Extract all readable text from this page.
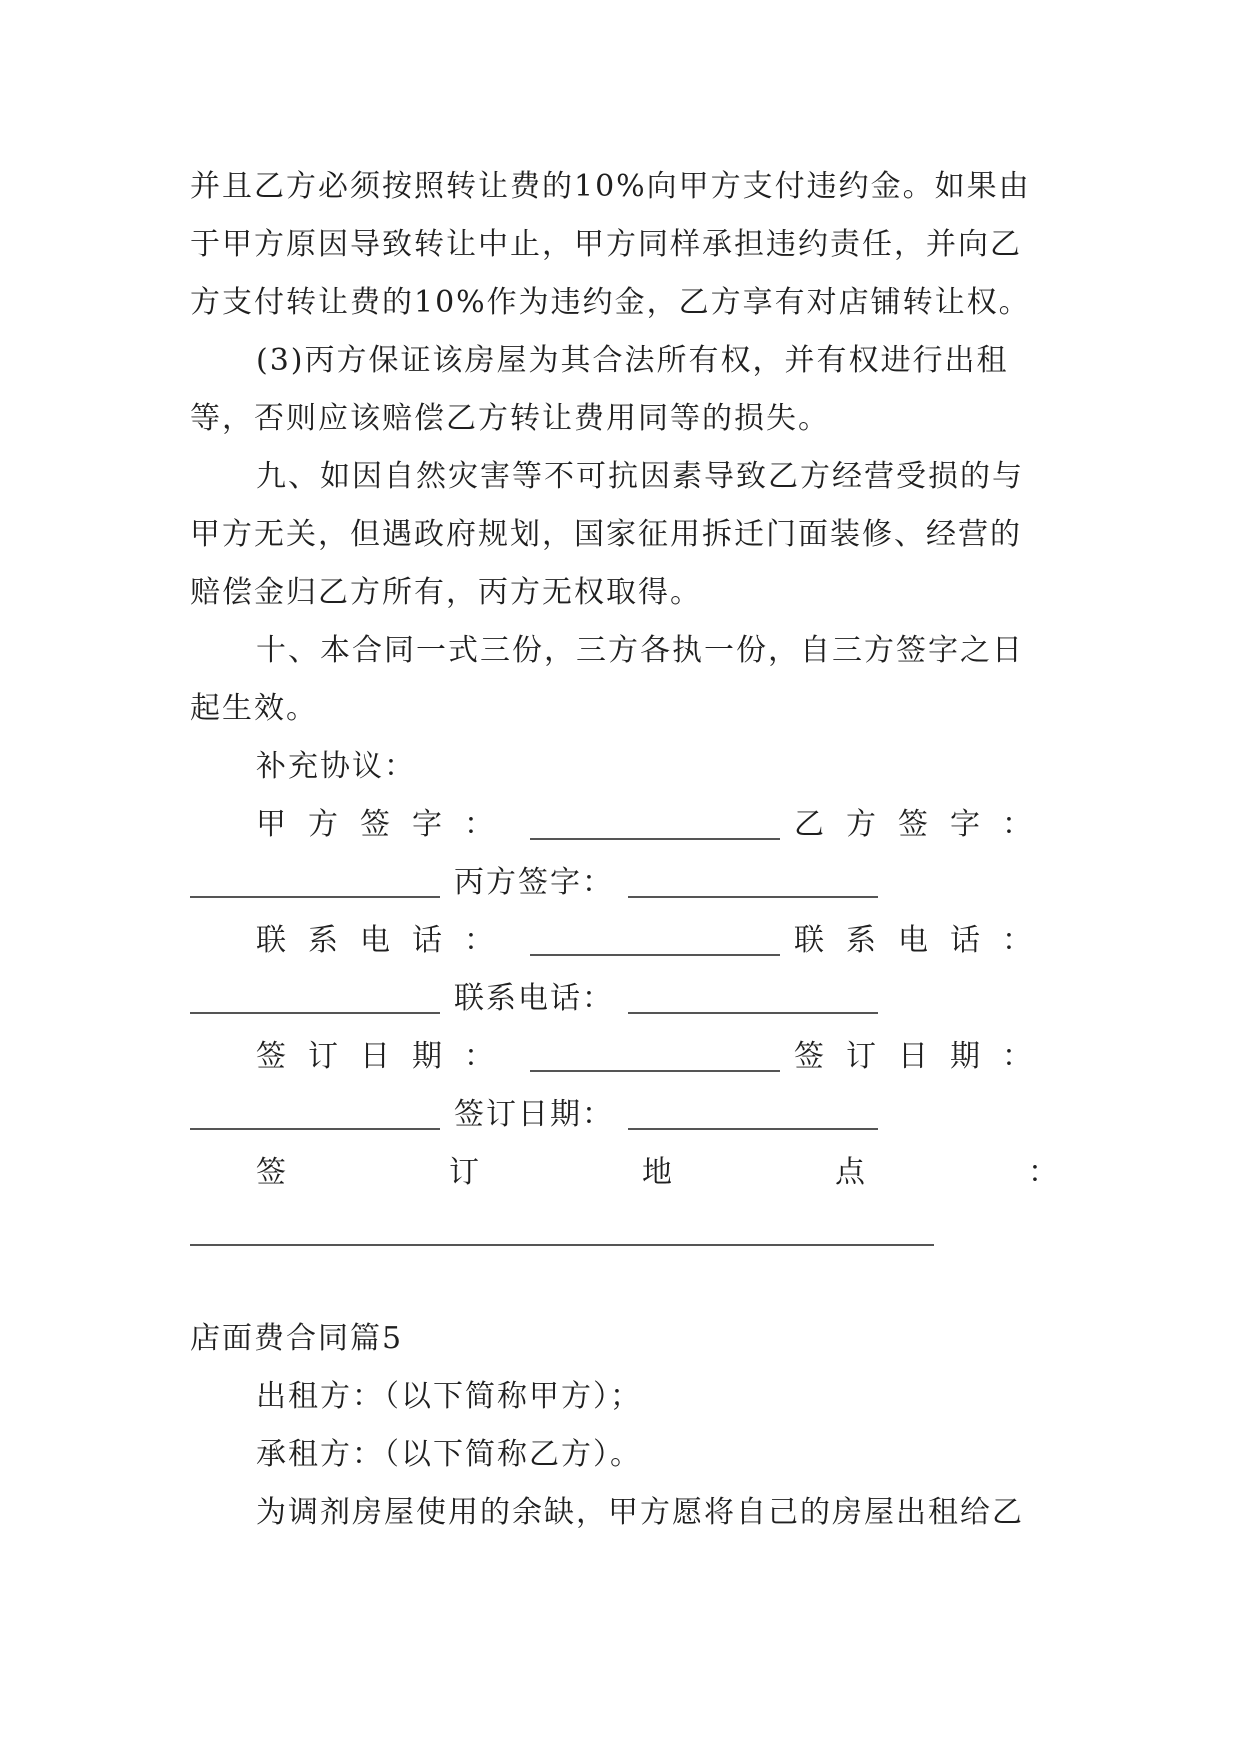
并且乙方必须按照转让费的10%向甲方支付违约金。如果由
于甲方原因导致转让中止，甲方同样承担违约责任，并向乙
方支付转让费的10%作为违约金，乙方享有对店铺转让权。
(3)丙方保证该房屋为其合法所有权，并有权进行出租
等，否则应该赔偿乙方转让费用同等的损失。
九、如因自然灾害等不可抗因素导致乙方经营受损的与
甲方无关，但遇政府规划，国家征用拆迁门面装修、经营的
赔偿金归乙方所有，丙方无权取得。
十、本合同一式三份，三方各执一份，自三方签字之日
起生效。
补充协议：
甲方签字：	乙方签字：
丙方签字：
联系电话：	联系电话：
联系电话：
签订日期：	签订日期：
签订日期：
签	订	地	点	：
店面费合同篇5
出租方：（以下简称甲方）；
承租方：（以下简称乙方）。
为调剂房屋使用的余缺，甲方愿将自己的房屋出租给乙
